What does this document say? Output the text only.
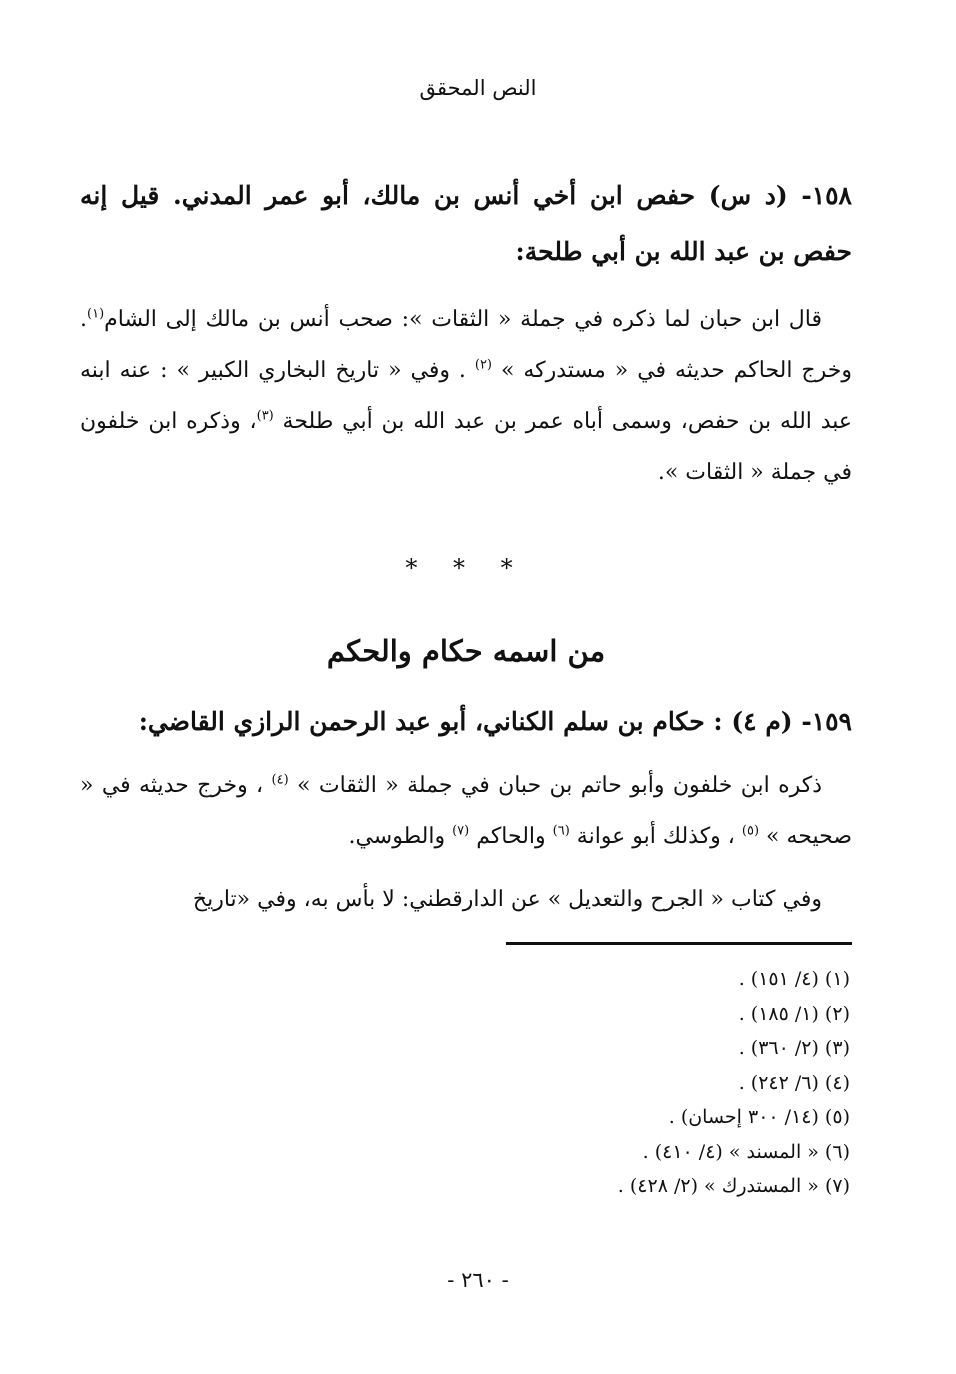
النص المحقق

١٥٨- (د س) حفص ابن أخي أنس بن مالك، أبو عمر المدني. قيل إنه حفص بن عبد الله بن أبي طلحة:

قال ابن حبان لما ذكره في جملة « الثقات »: صحب أنس بن مالك إلى الشام$^{(١)}$. وخرج الحاكم حديثه في « مستدركه » $^{(٢)}$ . وفي « تاريخ البخاري الكبير » : عنه ابنه عبد الله بن حفص، وسمى أباه عمر بن عبد الله بن أبي طلحة $^{(٣)}$، وذكره ابن خلفون في جملة « الثقات ».

* * *
من اسمه حكام والحكم

١٥٩- (م ٤) : حكام بن سلم الكناني، أبو عبد الرحمن الرازي القاضي:

ذكره ابن خلفون وأبو حاتم بن حبان في جملة « الثقات » $^{(٤)}$ ، وخرج حديثه في « صحيحه » $^{(٥)}$ ، وكذلك أبو عوانة $^{(٦)}$ والحاكم $^{(٧)}$ والطوسي.

وفي كتاب « الجرح والتعديل » عن الدارقطني: لا بأس به، وفي «تاريخ

(١) (٤/ ١٥١) .
(٢) (١/ ١٨٥) .
(٣) (٢/ ٣٦٠) .
(٤) (٦/ ٢٤٢) .
(٥) (١٤/ ٣٠٠ إحسان) .
(٦) « المسند » (٤/ ٤١٠) .
(٧) « المستدرك » (٢/ ٤٢٨) .
- ٢٦٠ -
